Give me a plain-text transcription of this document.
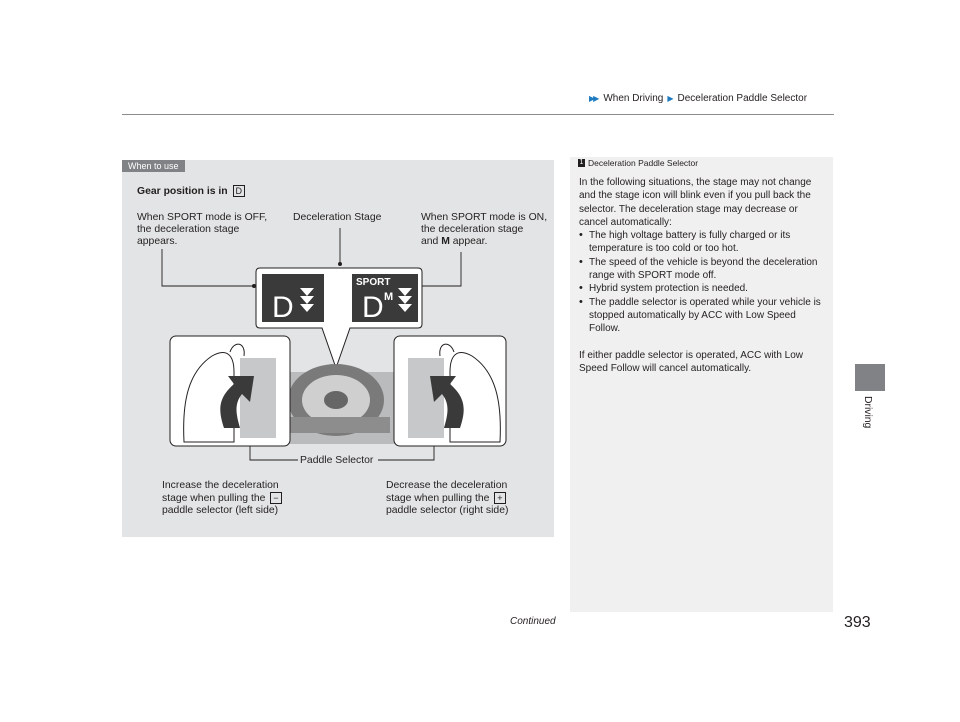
▶▶ When Driving ▶ Deceleration Paddle Selector
When to use
Gear position is in D
When SPORT mode is OFF,
the deceleration stage
appears.
Deceleration Stage	When SPORT mode is ON,
the deceleration stage
and M appear.
D
SPORT
D M
Paddle Selector
Increase the deceleration
stage when pulling the −
paddle selector (left side)
Decrease the deceleration
stage when pulling the +
paddle selector (right side)
1 Deceleration Paddle Selector

In the following situations, the stage may not change and the stage icon will blink even if you pull back the selector. The deceleration stage may decrease or cancel automatically:

• The high voltage battery is fully charged or its temperature is too cold or too hot.
• The speed of the vehicle is beyond the deceleration range with SPORT mode off.
• Hybrid system protection is needed.
• The paddle selector is operated while your vehicle is stopped automatically by ACC with Low Speed Follow.

If either paddle selector is operated, ACC with Low Speed Follow will cancel automatically.

Driving
Continued	393
